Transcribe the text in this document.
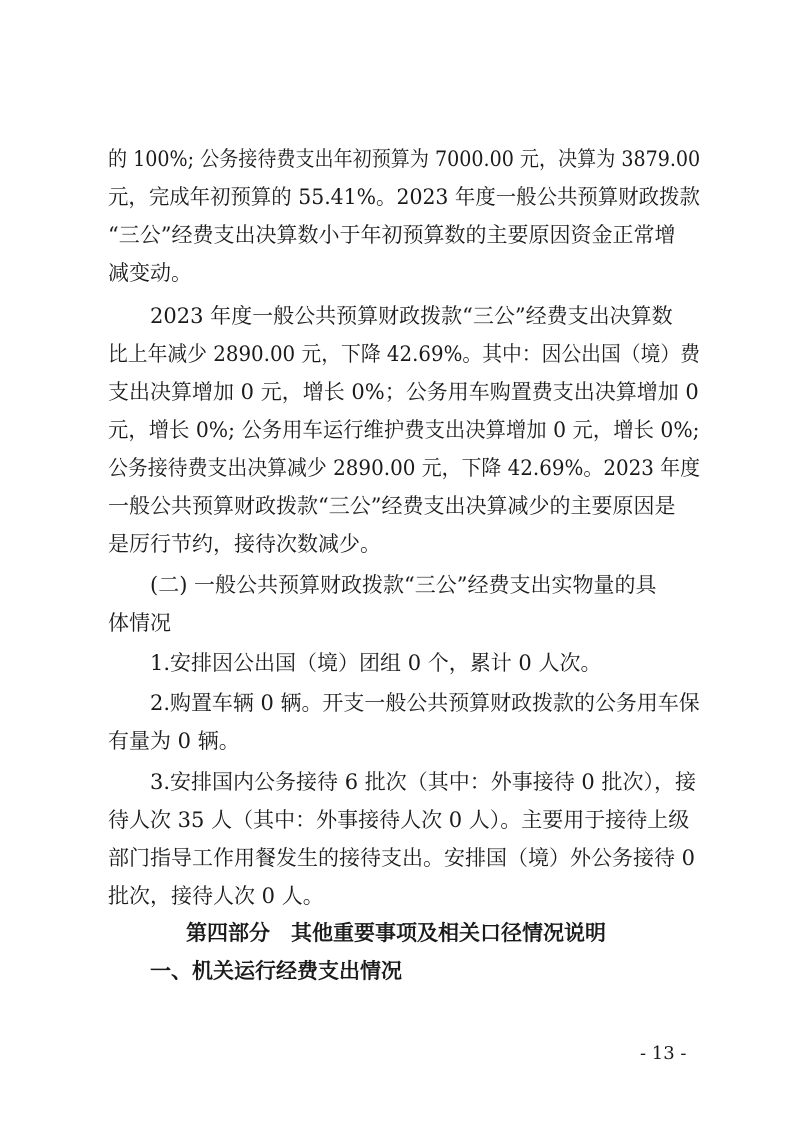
的 100%; 公务接待费支出年初预算为 7000.00 元，决算为 3879.00
元，完成年初预算的 55.41%。2023 年度一般公共预算财政拨款
“三公”经费支出决算数小于年初预算数的主要原因资金正常增
减变动。
2023 年度一般公共预算财政拨款“三公”经费支出决算数
比上年减少 2890.00 元，下降 42.69%。其中：因公出国（境）费
支出决算增加 0 元，增长 0%；公务用车购置费支出决算增加 0
元，增长 0%; 公务用车运行维护费支出决算增加 0 元，增长 0%;
公务接待费支出决算减少 2890.00 元，下降 42.69%。2023 年度
一般公共预算财政拨款“三公”经费支出决算减少的主要原因是
是厉行节约，接待次数减少。
(二) 一般公共预算财政拨款“三公”经费支出实物量的具
体情况
1.安排因公出国（境）团组 0 个，累计 0 人次。
2.购置车辆 0 辆。开支一般公共预算财政拨款的公务用车保
有量为 0 辆。
3.安排国内公务接待 6 批次（其中：外事接待 0 批次），接
待人次 35 人（其中：外事接待人次 0 人）。主要用于接待上级
部门指导工作用餐发生的接待支出。安排国（境）外公务接待 0
批次，接待人次 0 人。
第四部分　其他重要事项及相关口径情况说明
一、机关运行经费支出情况
- 13 -
